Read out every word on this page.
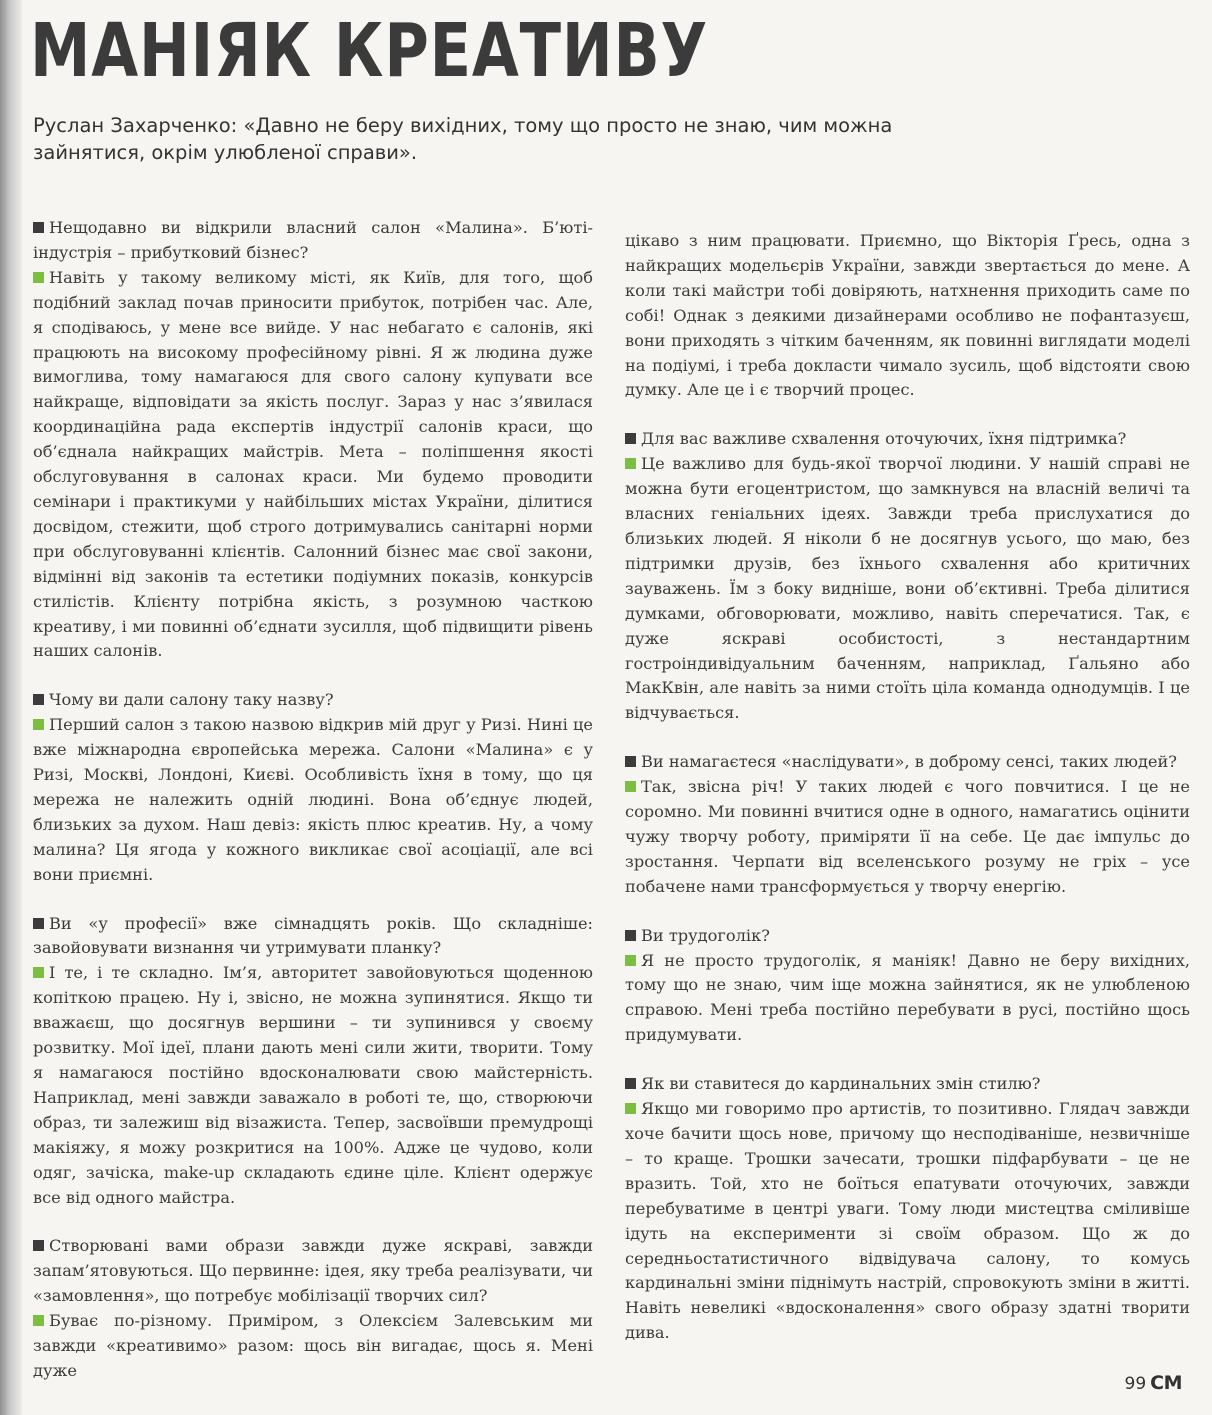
МАНІЯК КРЕАТИВУ

Руслан Захарченко: «Давно не беру вихідних, тому що просто не знаю, чим можна зайнятися, окрім улюбленої справи».

Нещодавно ви відкрили власний салон «Малина». Б’юті-індустрія – прибутковий бізнес?

Навіть у такому великому місті, як Київ, для того, щоб подібний заклад почав приносити прибуток, потрібен час. Але, я сподіваюсь, у мене все вийде. У нас небагато є салонів, які працюють на високому професійному рівні. Я ж людина дуже вимоглива, тому намагаюся для свого салону купувати все найкраще, відповідати за якість послуг. Зараз у нас з’явилася координаційна рада експертів індустрії салонів краси, що об’єднала найкращих майстрів. Мета – поліпшення якості обслуговування в салонах краси. Ми будемо проводити семінари і практикуми у найбільших містах України, ділитися досвідом, стежити, щоб строго дотримувались санітарні норми при обслуговуванні клієнтів. Салонний бізнес має свої закони, відмінні від законів та естетики подіумних показів, конкурсів стилістів. Клієнту потрібна якість, з розумною часткою креативу, і ми повинні об’єднати зусилля, щоб підвищити рівень наших салонів.

Чому ви дали салону таку назву?

Перший салон з такою назвою відкрив мій друг у Ризі. Нині це вже міжнародна європейська мережа. Салони «Малина» є у Ризі, Москві, Лондоні, Києві. Особливість їхня в тому, що ця мережа не належить одній людині. Вона об’єднує людей, близьких за духом. Наш девіз: якість плюс креатив. Ну, а чому малина? Ця ягода у кожного викликає свої асоціації, але всі вони приємні.

Ви «у професії» вже сімнадцять років. Що складніше: завойовувати визнання чи утримувати планку?

І те, і те складно. Ім’я, авторитет завойовуються щоденною копіткою працею. Ну і, звісно, не можна зупинятися. Якщо ти вважаєш, що досягнув вершини – ти зупинився у своєму розвитку. Мої ідеї, плани дають мені сили жити, творити. Тому я намагаюся постійно вдосконалювати свою майстерність. Наприклад, мені завжди заважало в роботі те, що, створюючи образ, ти залежиш від візажиста. Тепер, засвоївши премудрощі макіяжу, я можу розкритися на 100%. Адже це чудово, коли одяг, зачіска, make-up складають єдине ціле. Клієнт одержує все від одного майстра.

Створювані вами образи завжди дуже яскраві, завжди запам’ятовуються. Що первинне: ідея, яку треба реалізувати, чи «замовлення», що потребує мобілізації творчих сил?

Буває по-різному. Приміром, з Олексієм Залевським ми завжди «креативимо» разом: щось він вигадає, щось я. Мені дуже

цікаво з ним працювати. Приємно, що Вікторія Ґресь, одна з найкращих модельєрів України, завжди звертається до мене. А коли такі майстри тобі довіряють, натхнення приходить саме по собі! Однак з деякими дизайнерами особливо не пофантазуєш, вони приходять з чітким баченням, як повинні виглядати моделі на подіумі, і треба докласти чимало зусиль, щоб відстояти свою думку. Але це і є творчий процес.

Для вас важливе схвалення оточуючих, їхня підтримка?

Це важливо для будь-якої творчої людини. У нашій справі не можна бути егоцентристом, що замкнувся на власній величі та власних геніальних ідеях. Завжди треба прислухатися до близьких людей. Я ніколи б не досягнув усього, що маю, без підтримки друзів, без їхнього схвалення або критичних зауважень. Їм з боку видніше, вони об’єктивні. Треба ділитися думками, обговорювати, можливо, навіть сперечатися. Так, є дуже яскраві особистості, з нестандартним гостроіндивідуальним баченням, наприклад, Ґальяно або МакКвін, але навіть за ними стоїть ціла команда однодумців. І це відчувається.

Ви намагаєтеся «наслідувати», в доброму сенсі, таких людей?

Так, звісна річ! У таких людей є чого повчитися. І це не соромно. Ми повинні вчитися одне в одного, намагатись оцінити чужу творчу роботу, приміряти її на себе. Це дає імпульс до зростання. Черпати від вселенського розуму не гріх – усе побачене нами трансформується у творчу енергію.

Ви трудоголік?

Я не просто трудоголік, я маніяк! Давно не беру вихідних, тому що не знаю, чим іще можна зайнятися, як не улюбленою справою. Мені треба постійно перебувати в русі, постійно щось придумувати.

Як ви ставитеся до кардинальних змін стилю?

Якщо ми говоримо про артистів, то позитивно. Глядач завжди хоче бачити щось нове, причому що несподіваніше, незвичніше – то краще. Трошки зачесати, трошки підфарбувати – це не вразить. Той, хто не боїться епатувати оточуючих, завжди перебуватиме в центрі уваги. Тому люди мистецтва сміливіше ідуть на експерименти зі своїм образом. Що ж до середньостатистичного відвідувача салону, то комусь кардинальні зміни піднімуть настрій, спровокують зміни в житті. Навіть невеликі «вдосконалення» свого образу здатні творити дива.

99 СМ
